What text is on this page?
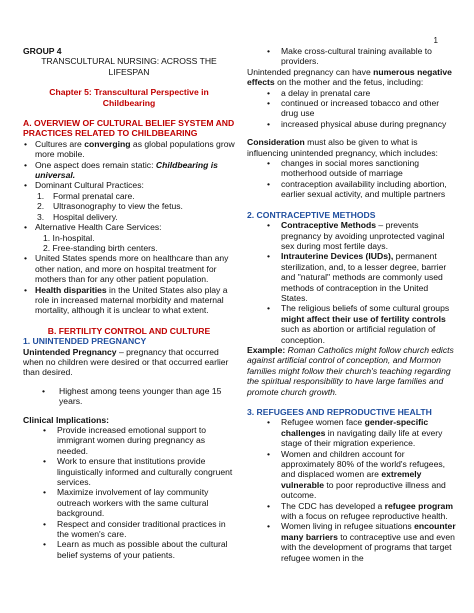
1
GROUP 4
TRANSCULTURAL NURSING: ACROSS THE LIFESPAN
Chapter 5: Transcultural Perspective in Childbearing
A. OVERVIEW OF CULTURAL BELIEF SYSTEM AND PRACTICES RELATED TO CHILDBEARING
• Cultures are converging as global populations grow more mobile.
• One aspect does remain static: Childbearing is universal.
• Dominant Cultural Practices:
1. Formal prenatal care.
2. Ultrasonography to view the fetus.
3. Hospital delivery.
• Alternative Health Care Services:
1. In-hospital.
2. Free-standing birth centers.
• United States spends more on healthcare than any other nation, and more on hospital treatment for mothers than for any other patient population.
• Health disparities in the United States also play a role in increased maternal morbidity and maternal mortality, although it is unclear to what extent.
B. FERTILITY CONTROL AND CULTURE
1. UNINTENDED PREGNANCY
Unintended Pregnancy – pregnancy that occurred when no children were desired or that occurred earlier than desired.
• Highest among teens younger than age 15 years.
Clinical Implications:
• Provide increased emotional support to immigrant women during pregnancy as needed.
• Work to ensure that institutions provide linguistically informed and culturally congruent services.
• Maximize involvement of lay community outreach workers with the same cultural background.
• Respect and consider traditional practices in the women's care.
• Learn as much as possible about the cultural belief systems of your patients.
• Make cross-cultural training available to providers.
Unintended pregnancy can have numerous negative effects on the mother and the fetus, including:
• a delay in prenatal care
• continued or increased tobacco and other drug use
• increased physical abuse during pregnancy
Consideration must also be given to what is influencing unintended pregnancy, which includes:
• changes in social mores sanctioning motherhood outside of marriage
• contraception availability including abortion, earlier sexual activity, and multiple partners
2. CONTRACEPTIVE METHODS
• Contraceptive Methods – prevents pregnancy by avoiding unprotected vaginal sex during most fertile days.
• Intrauterine Devices (IUDs), permanent sterilization, and, to a lesser degree, barrier and "natural" methods are commonly used methods of contraception in the United States.
• The religious beliefs of some cultural groups might affect their use of fertility controls such as abortion or artificial regulation of conception.
Example: Roman Catholics might follow church edicts against artificial control of conception, and Mormon families might follow their church's teaching regarding the spiritual responsibility to have large families and promote church growth.
3. REFUGEES AND REPRODUCTIVE HEALTH
• Refugee women face gender-specific challenges in navigating daily life at every stage of their migration experience.
• Women and children account for approximately 80% of the world's refugees, and displaced women are extremely vulnerable to poor reproductive illness and outcome.
• The CDC has developed a refugee program with a focus on refugee reproductive health.
• Women living in refugee situations encounter many barriers to contraceptive use and even with the development of programs that target refugee women in the
